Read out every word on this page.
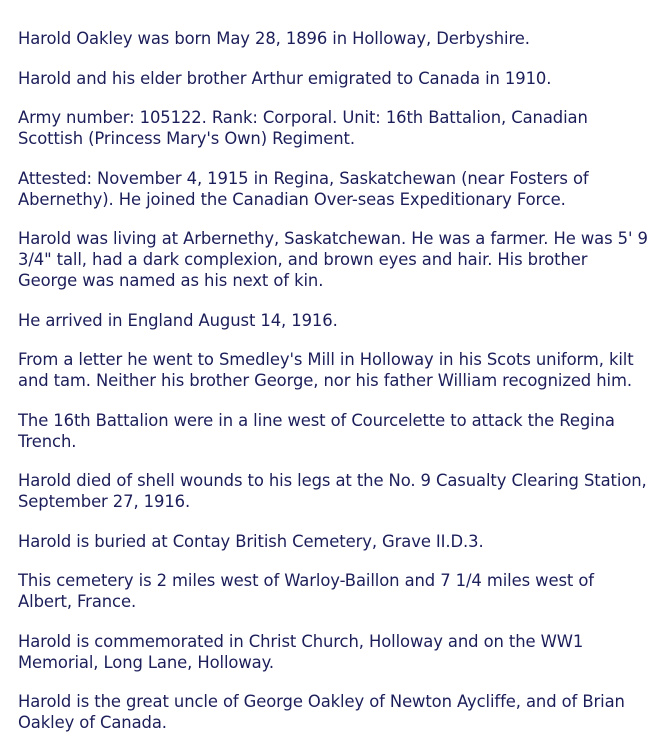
Harold Oakley was born May 28, 1896 in Holloway, Derbyshire.

Harold and his elder brother Arthur emigrated to Canada in 1910.

Army number: 105122. Rank: Corporal. Unit: 16th Battalion, Canadian Scottish (Princess Mary's Own) Regiment.

Attested: November 4, 1915 in Regina, Saskatchewan (near Fosters of Abernethy). He joined the Canadian Over-seas Expeditionary Force.

Harold was living at Arbernethy, Saskatchewan. He was a farmer. He was 5' 9 3/4" tall, had a dark complexion, and brown eyes and hair. His brother George was named as his next of kin.

He arrived in England August 14, 1916.

From a letter he went to Smedley's Mill in Holloway in his Scots uniform, kilt and tam. Neither his brother George, nor his father William recognized him.

The 16th Battalion were in a line west of Courcelette to attack the Regina Trench.

Harold died of shell wounds to his legs at the No. 9 Casualty Clearing Station, September 27, 1916.

Harold is buried at Contay British Cemetery, Grave II.D.3.

This cemetery is 2 miles west of Warloy-Baillon and 7 1/4 miles west of Albert, France.

Harold is commemorated in Christ Church, Holloway and on the WW1 Memorial, Long Lane, Holloway.

Harold is the great uncle of George Oakley of Newton Aycliffe, and of Brian Oakley of Canada.
